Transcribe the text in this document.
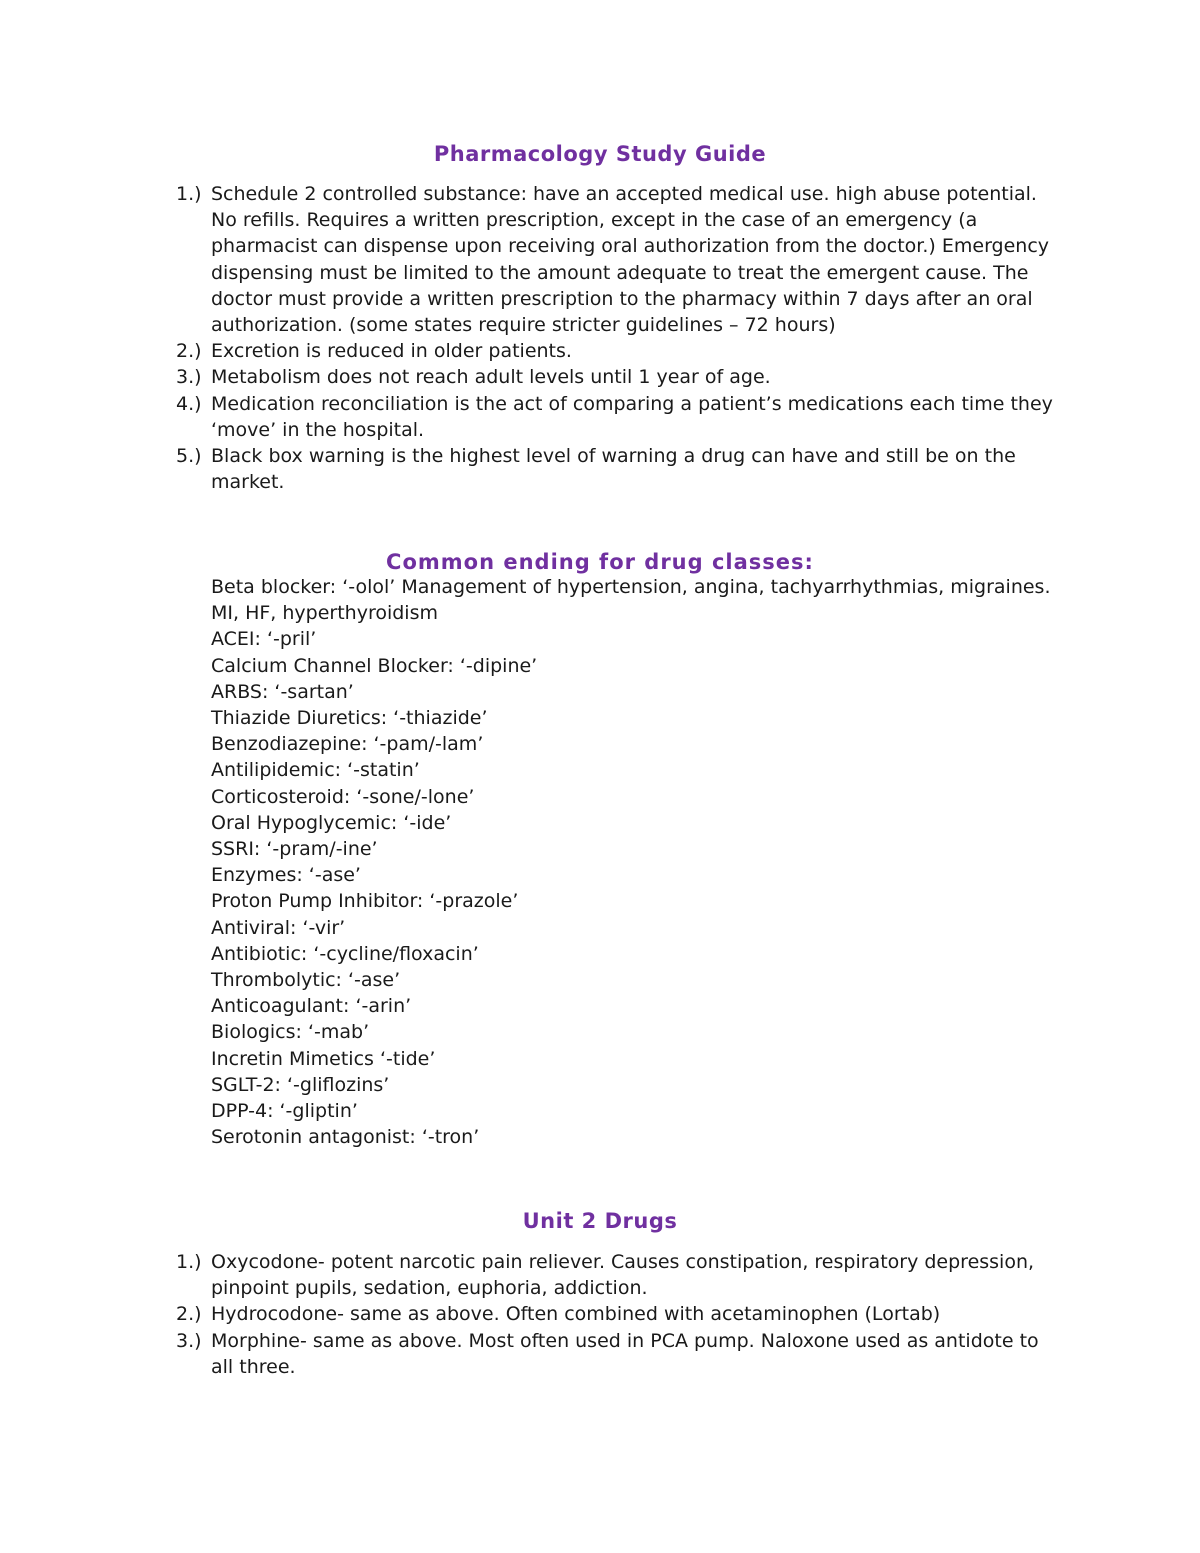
Pharmacology Study Guide
1.) Schedule 2 controlled substance: have an accepted medical use. high abuse potential. No refills. Requires a written prescription, except in the case of an emergency (a pharmacist can dispense upon receiving oral authorization from the doctor.) Emergency dispensing must be limited to the amount adequate to treat the emergent cause. The doctor must provide a written prescription to the pharmacy within 7 days after an oral authorization. (some states require stricter guidelines – 72 hours)
2.) Excretion is reduced in older patients.
3.) Metabolism does not reach adult levels until 1 year of age.
4.) Medication reconciliation is the act of comparing a patient’s medications each time they ‘move’ in the hospital.
5.) Black box warning is the highest level of warning a drug can have and still be on the market.
Common ending for drug classes:
Beta blocker: ‘-olol’ Management of hypertension, angina, tachyarrhythmias, migraines. MI, HF, hyperthyroidism
ACEI: ‘-pril’
Calcium Channel Blocker: ‘-dipine’
ARBS: ‘-sartan’
Thiazide Diuretics: ‘-thiazide’
Benzodiazepine: ‘-pam/-lam’
Antilipidemic: ‘-statin’
Corticosteroid: ‘-sone/-lone’
Oral Hypoglycemic: ‘-ide’
SSRI: ‘-pram/-ine’
Enzymes: ‘-ase’
Proton Pump Inhibitor: ‘-prazole’
Antiviral: ‘-vir’
Antibiotic: ‘-cycline/floxacin’
Thrombolytic: ‘-ase’
Anticoagulant: ‘-arin’
Biologics: ‘-mab’
Incretin Mimetics ‘-tide’
SGLT-2: ‘-gliflozins’
DPP-4: ‘-gliptin’
Serotonin antagonist: ‘-tron’
Unit 2 Drugs
1.) Oxycodone- potent narcotic pain reliever. Causes constipation, respiratory depression, pinpoint pupils, sedation, euphoria, addiction.
2.) Hydrocodone- same as above. Often combined with acetaminophen (Lortab)
3.) Morphine- same as above. Most often used in PCA pump. Naloxone used as antidote to all three.
